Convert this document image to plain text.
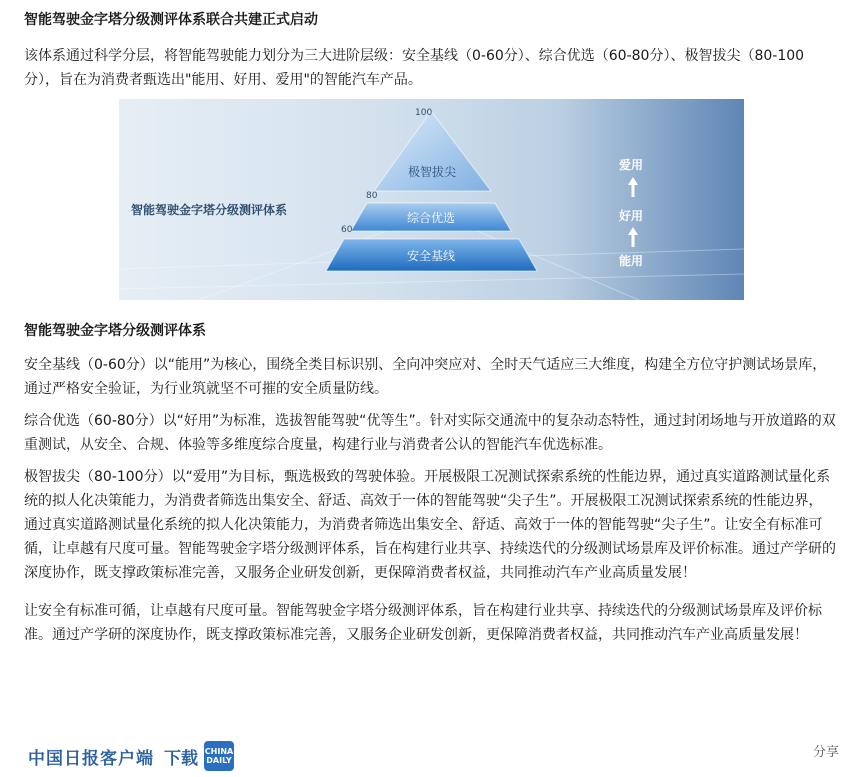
智能驾驶金字塔分级测评体系联合共建正式启动
该体系通过科学分层，将智能驾驶能力划分为三大进阶层级：安全基线（0-60分）、综合优选（60-80分）、极智拔尖（80-100分），旨在为消费者甄选出"能用、好用、爱用"的智能汽车产品。
智能驾驶金字塔分级测评体系
安全基线（0-60分）以“能用”为核心，围绕全类目标识别、全向冲突应对、全时天气适应三大维度，构建全方位守护测试场景库，通过严格安全验证，为行业筑就坚不可摧的安全质量防线。
综合优选（60-80分）以“好用”为标准，选拔智能驾驶“优等生”。针对实际交通流中的复杂动态特性，通过封闭场地与开放道路的双重测试，从安全、合规、体验等多维度综合度量，构建行业与消费者公认的智能汽车优选标准。
极智拔尖（80-100分）以“爱用”为目标，甄选极致的驾驶体验。开展极限工况测试探索系统的性能边界，通过真实道路测试量化系统的拟人化决策能力，为消费者筛选出集安全、舒适、高效于一体的智能驾驶“尖子生”。开展极限工况测试探索系统的性能边界，通过真实道路测试量化系统的拟人化决策能力，为消费者筛选出集安全、舒适、高效于一体的智能驾驶“尖子生”。让安全有标准可循，让卓越有尺度可量。智能驾驶金字塔分级测评体系，旨在构建行业共享、持续迭代的分级测试场景库及评价标准。通过产学研的深度协作，既支撑政策标准完善，又服务企业研发创新，更保障消费者权益，共同推动汽车产业高质量发展！
让安全有标准可循，让卓越有尺度可量。智能驾驶金字塔分级测评体系，旨在构建行业共享、持续迭代的分级测试场景库及评价标准。通过产学研的深度协作，既支撑政策标准完善，又服务企业研发创新，更保障消费者权益，共同推动汽车产业高质量发展！
极智拔尖
综合优选
安全基线
100
80
60
智能驾驶金字塔分级测评体系
爱用
好用
能用
中国日报客户端 下载 CHINA
DAILY
分享
